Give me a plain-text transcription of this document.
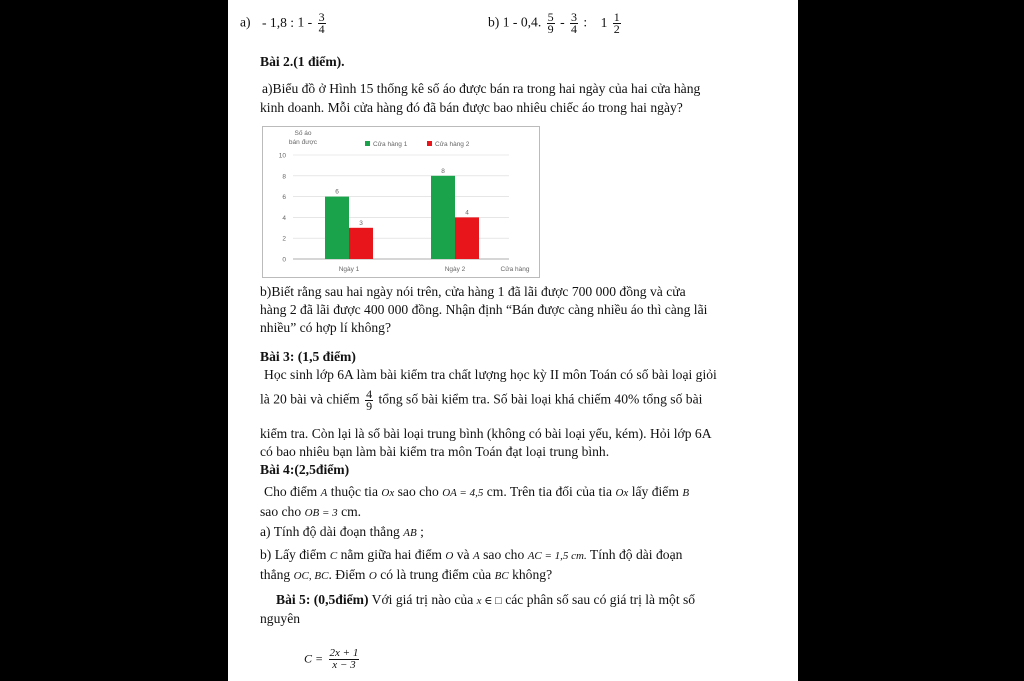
a) - 1,8 : $1 - \frac{3}{4}$	b) 1 - 0,4. $\frac{5}{9} - \frac{3}{4}$ : $1 \frac{1}{2}$
Bài 2.(1 điểm).
a)Biểu đồ ở Hình 15 thống kê số áo được bán ra trong hai ngày của hai cửa hàng
kinh doanh. Mỗi cửa hàng đó đã bán được bao nhiêu chiếc áo trong hai ngày?
Số áo
bán được
0
2
4
6
8
10
Cửa hàng 1	Cửa hàng 2
6
3
Ngày 1
8
4
Ngày 2	Cửa hàng
b)Biết rằng sau hai ngày nói trên, cửa hàng 1 đã lãi được 700 000 đồng và cửa
hàng 2 đã lãi được 400 000 đồng. Nhận định “Bán được càng nhiều áo thì càng lãi
nhiều” có hợp lí không?
Bài 3: (1,5 điểm)
Học sinh lớp 6A làm bài kiểm tra chất lượng học kỳ II môn Toán có số bài loại giỏi
là 20 bài và chiếm $\frac{4}{9}$ tổng số bài kiểm tra. Số bài loại khá chiếm 40% tổng số bài
kiểm tra. Còn lại là số bài loại trung bình (không có bài loại yếu, kém). Hỏi lớp 6A
có bao nhiêu bạn làm bài kiểm tra môn Toán đạt loại trung bình.
Bài 4:(2,5điểm)
Cho điểm A thuộc tia Ox sao cho OA = 4,5 cm. Trên tia đối của tia Ox lấy điểm B
sao cho OB = 3 cm.
a) Tính độ dài đoạn thẳng AB ;
b) Lấy điểm C nằm giữa hai điểm O và A sao cho AC = 1,5 cm. Tính độ dài đoạn
thẳng OC, BC. Điểm O có là trung điểm của BC không?
Bài 5: (0,5điểm) Với giá trị nào của x ∈ □ các phân số sau có giá trị là một số
nguyên
$C = \frac{2x + 1}{x - 3}$
